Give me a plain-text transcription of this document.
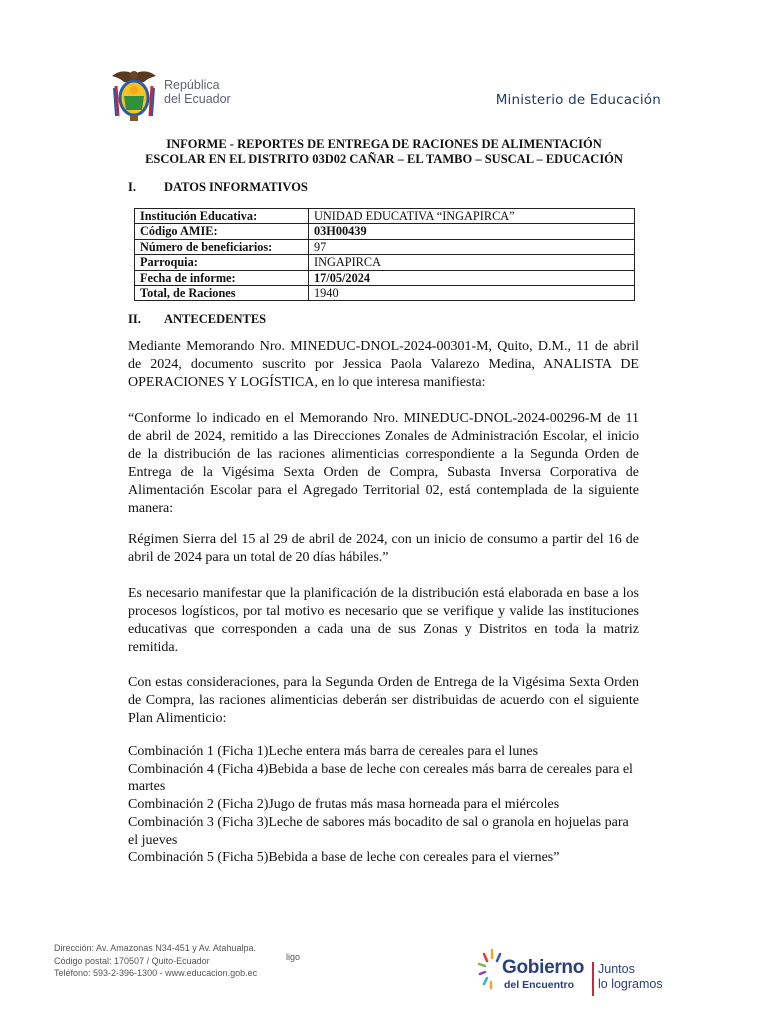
República
del Ecuador	Ministerio de Educación
INFORME - REPORTES DE ENTREGA DE RACIONES DE ALIMENTACIÓN
ESCOLAR EN EL DISTRITO 03D02 CAÑAR – EL TAMBO – SUSCAL – EDUCACIÓN
I. DATOS INFORMATIVOS
Institución Educativa:	UNIDAD EDUCATIVA “INGAPIRCA”
Código AMIE:	03H00439
Número de beneficiarios:	97
Parroquia:	INGAPIRCA
Fecha de informe:	17/05/2024
Total, de Raciones	1940
II. ANTECEDENTES
Mediante Memorando Nro. MINEDUC-DNOL-2024-00301-M, Quito, D.M., 11 de abril de 2024, documento suscrito por Jessica Paola Valarezo Medina, ANALISTA DE OPERACIONES Y LOGÍSTICA, en lo que interesa manifiesta:
“Conforme lo indicado en el Memorando Nro. MINEDUC-DNOL-2024-00296-M de 11 de abril de 2024, remitido a las Direcciones Zonales de Administración Escolar, el inicio de la distribución de las raciones alimenticias correspondiente a la Segunda Orden de Entrega de la Vigésima Sexta Orden de Compra, Subasta Inversa Corporativa de Alimentación Escolar para el Agregado Territorial 02, está contemplada de la siguiente manera:
Régimen Sierra del 15 al 29 de abril de 2024, con un inicio de consumo a partir del 16 de abril de 2024 para un total de 20 días hábiles.”
Es necesario manifestar que la planificación de la distribución está elaborada en base a los procesos logísticos, por tal motivo es necesario que se verifique y valide las instituciones educativas que corresponden a cada una de sus Zonas y Distritos en toda la matriz remitida.
Con estas consideraciones, para la Segunda Orden de Entrega de la Vigésima Sexta Orden de Compra, las raciones alimenticias deberán ser distribuidas de acuerdo con el siguiente Plan Alimenticio:
Combinación 1 (Ficha 1)Leche entera más barra de cereales para el lunes
Combinación 4 (Ficha 4)Bebida a base de leche con cereales más barra de cereales para el martes
Combinación 2 (Ficha 2)Jugo de frutas más masa horneada para el miércoles
Combinación 3 (Ficha 3)Leche de sabores más bocadito de sal o granola en hojuelas para el jueves
Combinación 5 (Ficha 5)Bebida a base de leche con cereales para el viernes”
Dirección: Av. Amazonas N34-451 y Av. Atahualpa.
Código postal: 170507 / Quito-Ecuador
Teléfono: 593-2-396-1300 - www.educacion.gob.ec
ligo	Gobierno
del Encuentro
Juntos
lo logramos
